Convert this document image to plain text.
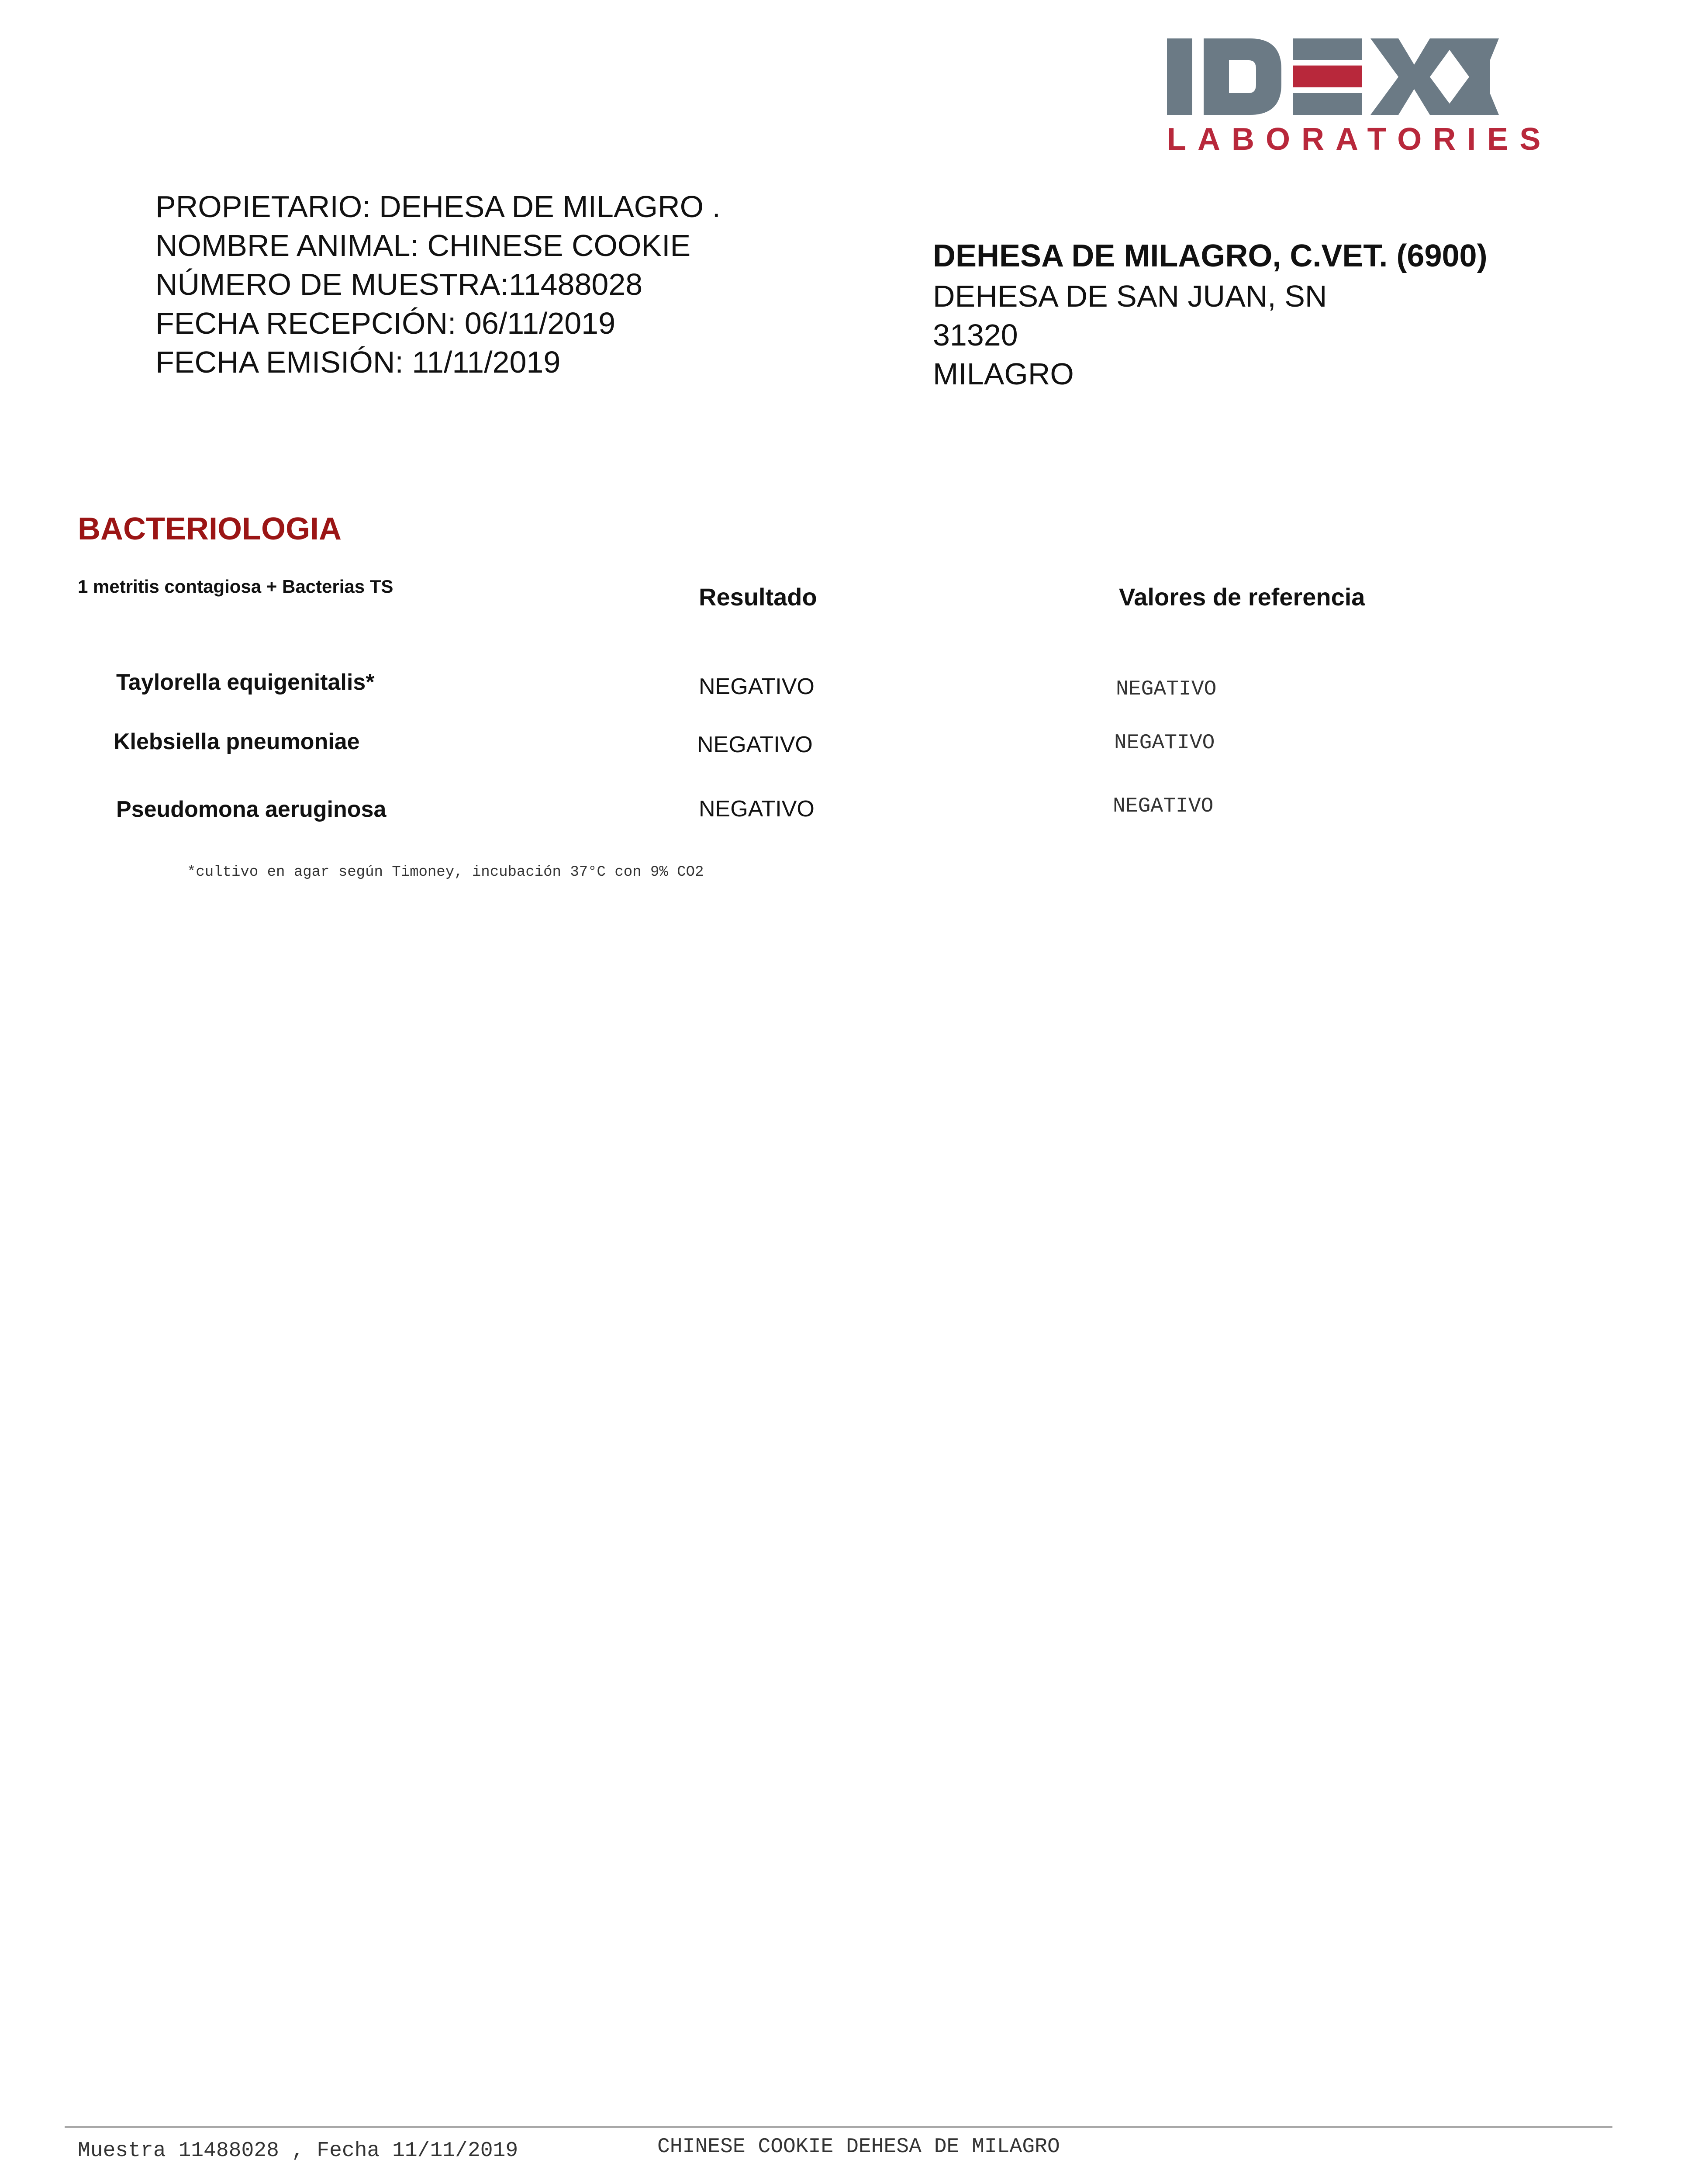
LABORATORIES
PROPIETARIO: DEHESA DE MILAGRO .
NOMBRE ANIMAL: CHINESE COOKIE
NÚMERO DE MUESTRA:11488028
FECHA RECEPCIÓN: 06/11/2019
FECHA EMISIÓN: 11/11/2019
DEHESA DE MILAGRO, C.VET. (6900)
DEHESA DE SAN JUAN, SN
31320
MILAGRO
BACTERIOLOGIA
1 metritis contagiosa + Bacterias TS	Resultado	Valores de referencia
Taylorella equigenitalis*	NEGATIVO	NEGATIVO
Klebsiella pneumoniae	NEGATIVO	NEGATIVO
Pseudomona aeruginosa	NEGATIVO	NEGATIVO
*cultivo en agar según Timoney, incubación 37°C con 9% CO2
Muestra 11488028 , Fecha 11/11/2019	CHINESE COOKIE DEHESA DE MILAGRO
